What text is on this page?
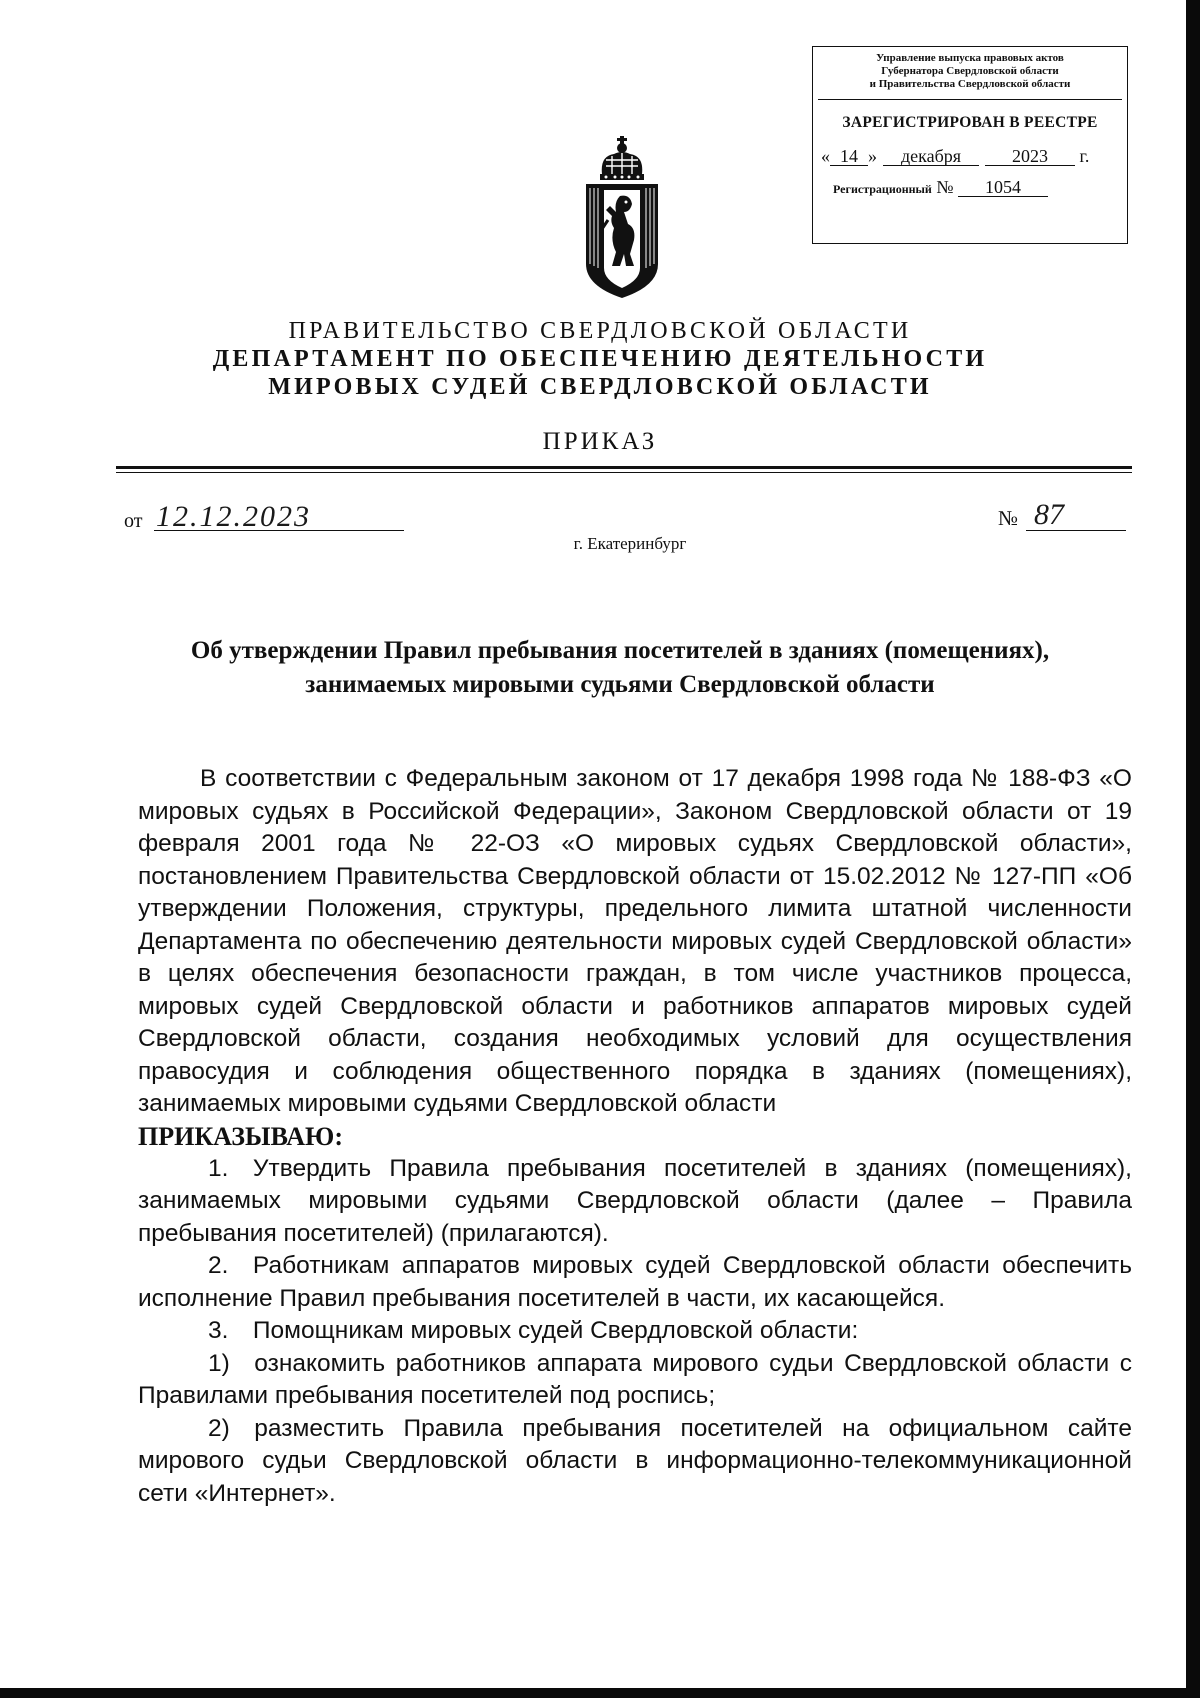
Управление выпуска правовых актов
Губернатора Свердловской области
и Правительства Свердловской области
ЗАРЕГИСТРИРОВАН В РЕЕСТРЕ
« 14 » декабря	2023 г.
Регистрационный № 1054
ПРАВИТЕЛЬСТВО СВЕРДЛОВСКОЙ ОБЛАСТИ
ДЕПАРТАМЕНТ ПО ОБЕСПЕЧЕНИЮ ДЕЯТЕЛЬНОСТИ
МИРОВЫХ СУДЕЙ СВЕРДЛОВСКОЙ ОБЛАСТИ
ПРИКАЗ
от 12.12.2023	№ 87
г. Екатеринбург
Об утверждении Правил пребывания посетителей в зданиях (помещениях),
занимаемых мировыми судьями Свердловской области

В соответствии с Федеральным законом от 17 декабря 1998 года № 188-ФЗ «О мировых судьях в Российской Федерации», Законом Свердловской области от 19 февраля 2001 года № 22-ОЗ «О мировых судьях Свердловской области», постановлением Правительства Свердловской области от 15.02.2012 № 127-ПП «Об утверждении Положения, структуры, предельного лимита штатной численности Департамента по обеспечению деятельности мировых судей Свердловской области» в целях обеспечения безопасности граждан, в том числе участников процесса, мировых судей Свердловской области и работников аппаратов мировых судей Свердловской области, создания необходимых условий для осуществления правосудия и соблюдения общественного порядка в зданиях (помещениях), занимаемых мировыми судьями Свердловской области

ПРИКАЗЫВАЮ:

1. Утвердить Правила пребывания посетителей в зданиях (помещениях), занимаемых мировыми судьями Свердловской области (далее – Правила пребывания посетителей) (прилагаются).

2. Работникам аппаратов мировых судей Свердловской области обеспечить исполнение Правил пребывания посетителей в части, их касающейся.

3. Помощникам мировых судей Свердловской области:

1) ознакомить работников аппарата мирового судьи Свердловской области с Правилами пребывания посетителей под роспись;

2) разместить Правила пребывания посетителей на официальном сайте мирового судьи Свердловской области в информационно-телекоммуникационной сети «Интернет».
